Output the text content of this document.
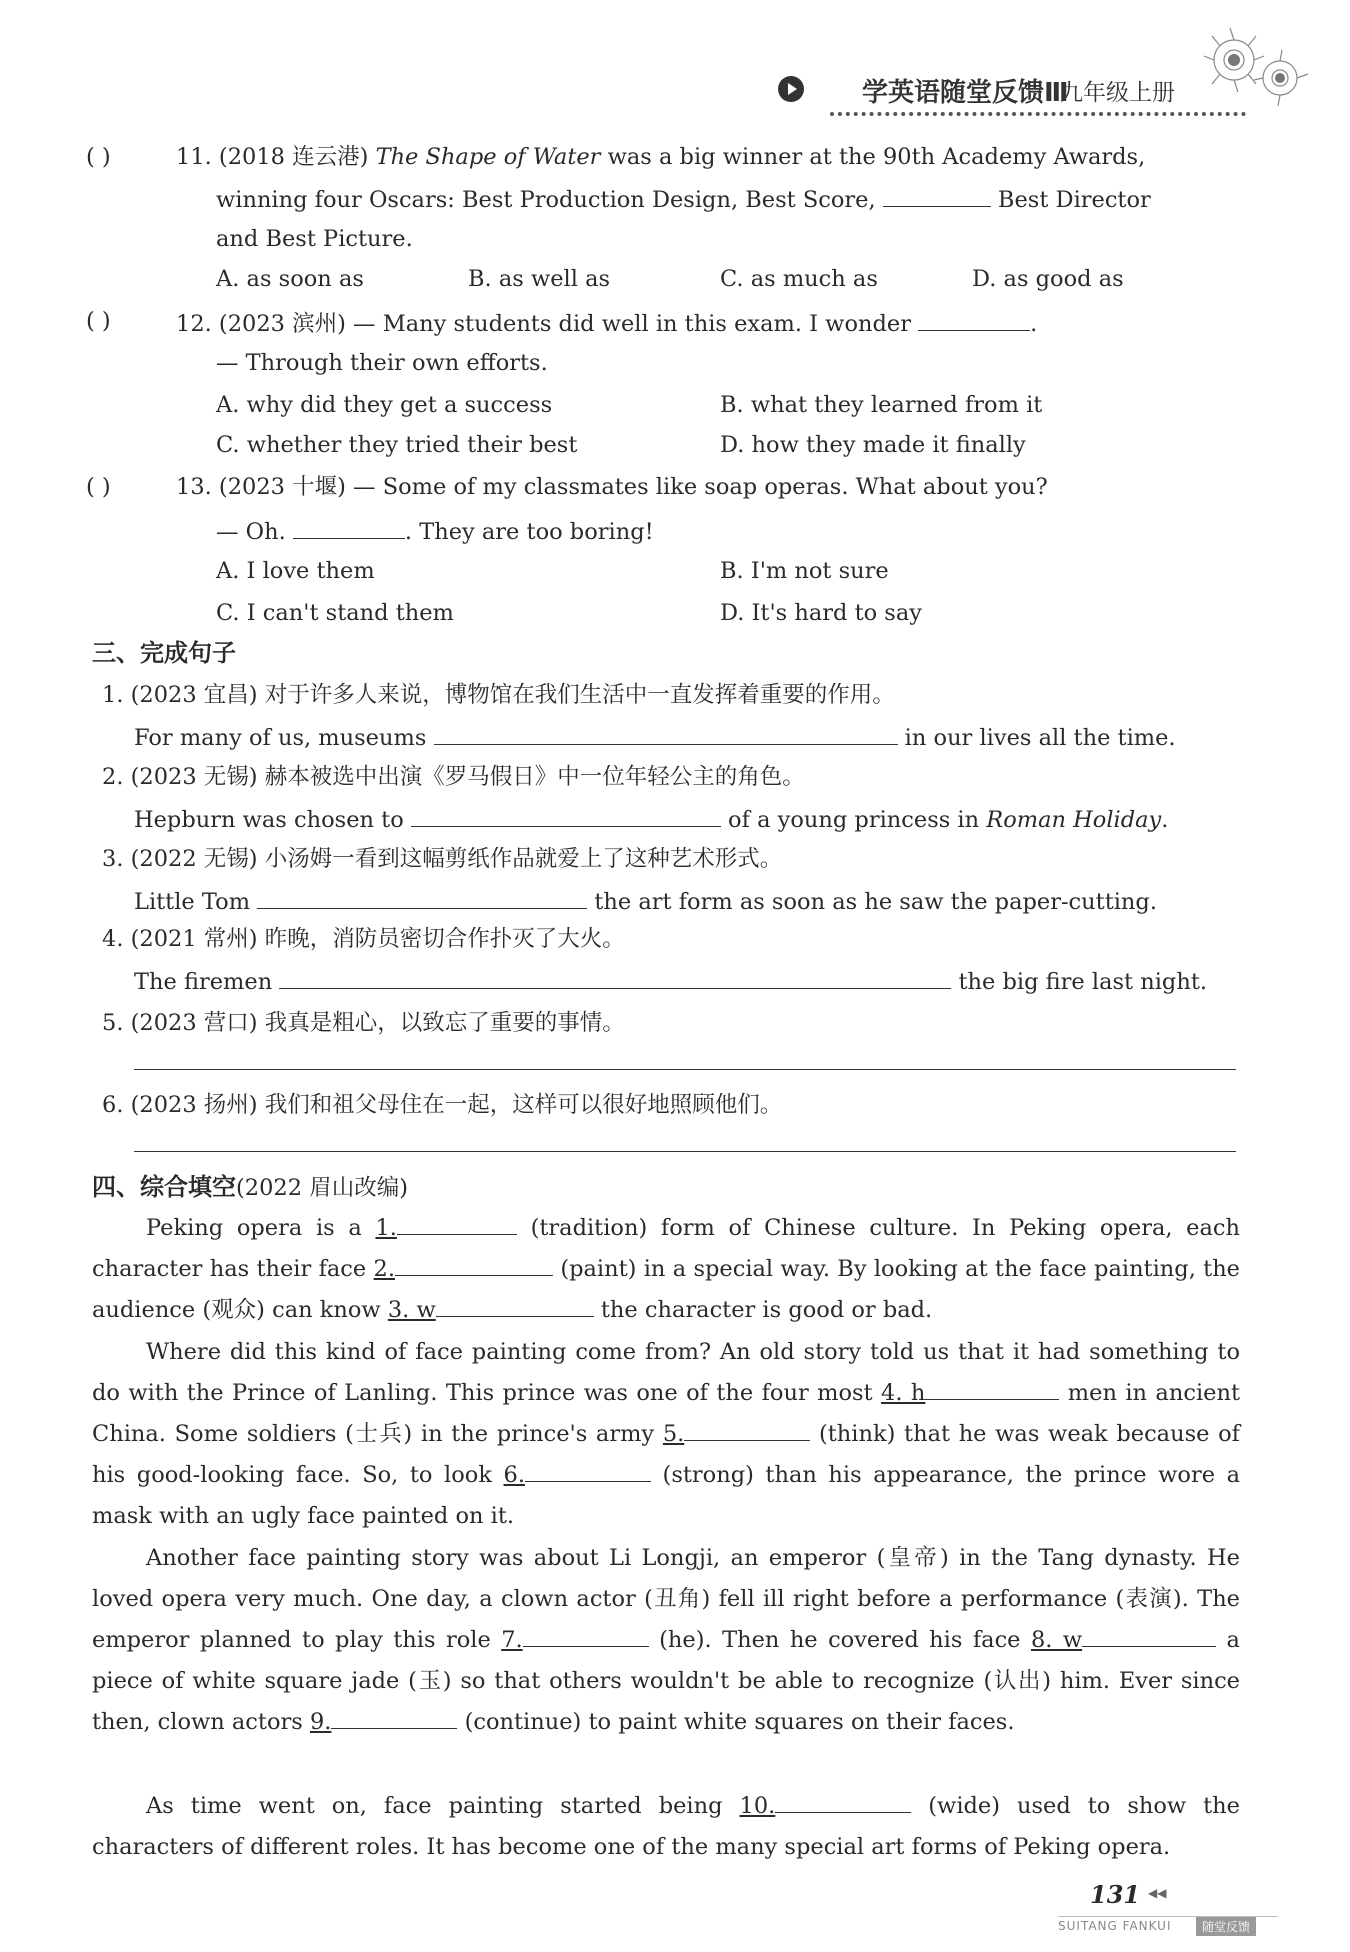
学英语随堂反馈Ⅲ
九年级上册
( )	11. (2018 连云港) The Shape of Water was a big winner at the 90th Academy Awards,
winning four Oscars: Best Production Design, Best Score,	Best Director
and Best Picture.
A. as soon as	B. as well as	C. as much as	D. as good as
( )	12. (2023 滨州) — Many students did well in this exam. I wonder	.
— Through their own efforts.
A. why did they get a success	B. what they learned from it
C. whether they tried their best	D. how they made it finally
( )	13. (2023 十堰) — Some of my classmates like soap operas. What about you?
— Oh.	. They are too boring!
A. I love them	B. I'm not sure
C. I can't stand them	D. It's hard to say
三、完成句子
1. (2023 宜昌) 对于许多人来说，博物馆在我们生活中一直发挥着重要的作用。
For many of us, museums	in our lives all the time.
2. (2023 无锡) 赫本被选中出演《罗马假日》中一位年轻公主的角色。
Hepburn was chosen to	of a young princess in Roman Holiday.
3. (2022 无锡) 小汤姆一看到这幅剪纸作品就爱上了这种艺术形式。
Little Tom	the art form as soon as he saw the paper-cutting.
4. (2021 常州) 昨晚，消防员密切合作扑灭了大火。
The firemen	the big fire last night.
5. (2023 营口) 我真是粗心，以致忘了重要的事情。
6. (2023 扬州) 我们和祖父母住在一起，这样可以很好地照顾他们。
四、综合填空(2022 眉山改编)
Peking opera is a 1.	(tradition) form of Chinese culture. In Peking opera, each character has their face 2.	(paint) in a special way. By looking at the face painting, the audience (观众) can know 3. w	the character is good or bad.
Where did this kind of face painting come from? An old story told us that it had something to do with the Prince of Lanling. This prince was one of the four most 4. h	men in ancient China. Some soldiers (士兵) in the prince's army 5.	(think) that he was weak because of his good-looking face. So, to look 6.	(strong) than his appearance, the prince wore a mask with an ugly face painted on it.
Another face painting story was about Li Longji, an emperor (皇帝) in the Tang dynasty. He loved opera very much. One day, a clown actor (丑角) fell ill right before a performance (表演). The emperor planned to play this role 7.	(he). Then he covered his face 8. w	a piece of white square jade (玉) so that others wouldn't be able to recognize (认出) him. Ever since then, clown actors 9.	(continue) to paint white squares on their faces.
As time went on, face painting started being 10.	(wide) used to show the characters of different roles. It has become one of the many special art forms of Peking opera.
131 ◀◀
SUITANG FANKUI	随堂反馈
